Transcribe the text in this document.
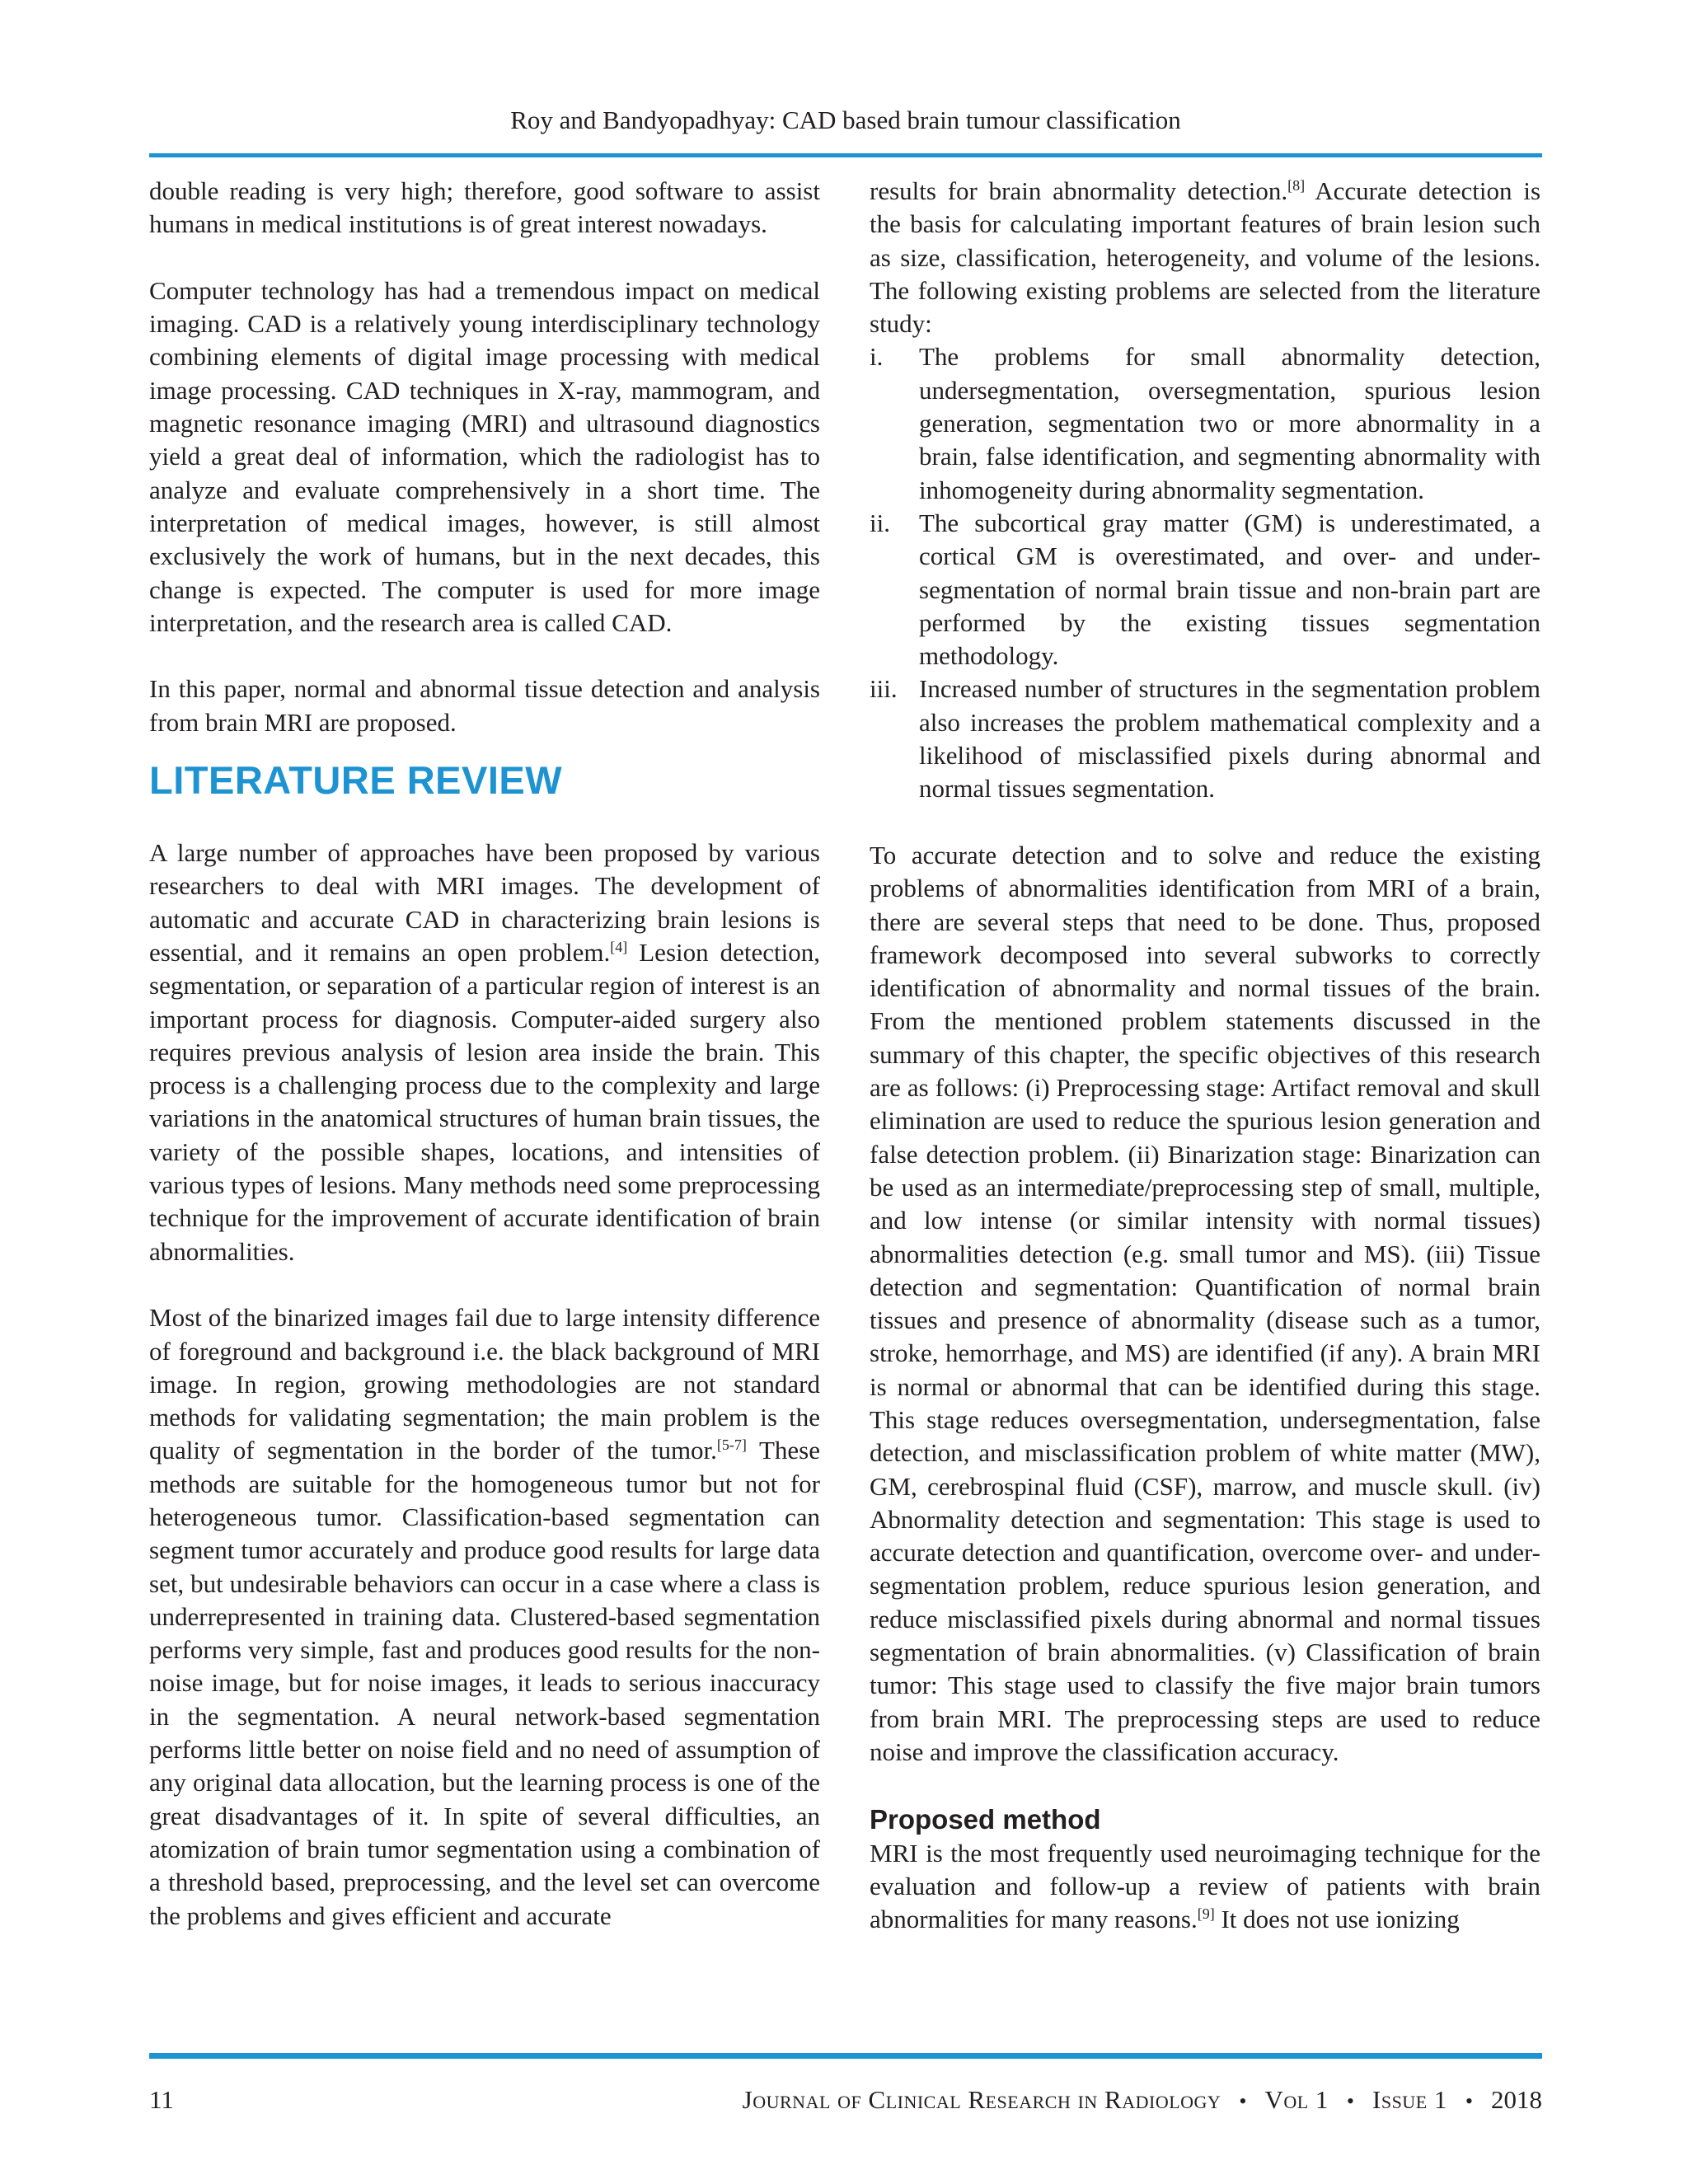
Roy and Bandyopadhyay: CAD based brain tumour classification

double reading is very high; therefore, good software to assist humans in medical institutions is of great interest nowadays.

Computer technology has had a tremendous impact on medical imaging. CAD is a relatively young interdisciplinary technology combining elements of digital image processing with medical image processing. CAD techniques in X-ray, mammogram, and magnetic resonance imaging (MRI) and ultrasound diagnostics yield a great deal of information, which the radiologist has to analyze and evaluate comprehensively in a short time. The interpretation of medical images, however, is still almost exclusively the work of humans, but in the next decades, this change is expected. The computer is used for more image interpretation, and the research area is called CAD.

In this paper, normal and abnormal tissue detection and analysis from brain MRI are proposed.

LITERATURE REVIEW

A large number of approaches have been proposed by various researchers to deal with MRI images. The development of automatic and accurate CAD in characterizing brain lesions is essential, and it remains an open problem.[4] Lesion detection, segmentation, or separation of a particular region of interest is an important process for diagnosis. Computer-aided surgery also requires previous analysis of lesion area inside the brain. This process is a challenging process due to the complexity and large variations in the anatomical structures of human brain tissues, the variety of the possible shapes, locations, and intensities of various types of lesions. Many methods need some preprocessing technique for the improvement of accurate identification of brain abnormalities.

Most of the binarized images fail due to large intensity difference of foreground and background i.e. the black background of MRI image. In region, growing methodologies are not standard methods for validating segmentation; the main problem is the quality of segmentation in the border of the tumor.[5-7] These methods are suitable for the homogeneous tumor but not for heterogeneous tumor. Classification-based segmentation can segment tumor accurately and produce good results for large data set, but undesirable behaviors can occur in a case where a class is underrepresented in training data. Clustered-based segmentation performs very simple, fast and produces good results for the non-noise image, but for noise images, it leads to serious inaccuracy in the segmentation. A neural network-based segmentation performs little better on noise field and no need of assumption of any original data allocation, but the learning process is one of the great disadvantages of it. In spite of several difficulties, an atomization of brain tumor segmentation using a combination of a threshold based, preprocessing, and the level set can overcome the problems and gives efficient and accurate

results for brain abnormality detection.[8] Accurate detection is the basis for calculating important features of brain lesion such as size, classification, heterogeneity, and volume of the lesions. The following existing problems are selected from the literature study:

i.	The problems for small abnormality detection, undersegmentation, oversegmentation, spurious lesion generation, segmentation two or more abnormality in a brain, false identification, and segmenting abnormality with inhomogeneity during abnormality segmentation.
ii.	The subcortical gray matter (GM) is underestimated, a cortical GM is overestimated, and over- and under-segmentation of normal brain tissue and non-brain part are performed by the existing tissues segmentation methodology.
iii. Increased number of structures in the segmentation problem also increases the problem mathematical complexity and a likelihood of misclassified pixels during abnormal and normal tissues segmentation.

To accurate detection and to solve and reduce the existing problems of abnormalities identification from MRI of a brain, there are several steps that need to be done. Thus, proposed framework decomposed into several subworks to correctly identification of abnormality and normal tissues of the brain. From the mentioned problem statements discussed in the summary of this chapter, the specific objectives of this research are as follows: (i) Preprocessing stage: Artifact removal and skull elimination are used to reduce the spurious lesion generation and false detection problem. (ii) Binarization stage: Binarization can be used as an intermediate/preprocessing step of small, multiple, and low intense (or similar intensity with normal tissues) abnormalities detection (e.g. small tumor and MS). (iii) Tissue detection and segmentation: Quantification of normal brain tissues and presence of abnormality (disease such as a tumor, stroke, hemorrhage, and MS) are identified (if any). A brain MRI is normal or abnormal that can be identified during this stage. This stage reduces oversegmentation, undersegmentation, false detection, and misclassification problem of white matter (MW), GM, cerebrospinal fluid (CSF), marrow, and muscle skull. (iv) Abnormality detection and segmentation: This stage is used to accurate detection and quantification, overcome over- and under-segmentation problem, reduce spurious lesion generation, and reduce misclassified pixels during abnormal and normal tissues segmentation of brain abnormalities. (v) Classification of brain tumor: This stage used to classify the five major brain tumors from brain MRI. The preprocessing steps are used to reduce noise and improve the classification accuracy.

Proposed method

MRI is the most frequently used neuroimaging technique for the evaluation and follow-up a review of patients with brain abnormalities for many reasons.[9] It does not use ionizing

11	Journal of Clinical Research in Radiology • Vol 1 • Issue 1 • 2018
